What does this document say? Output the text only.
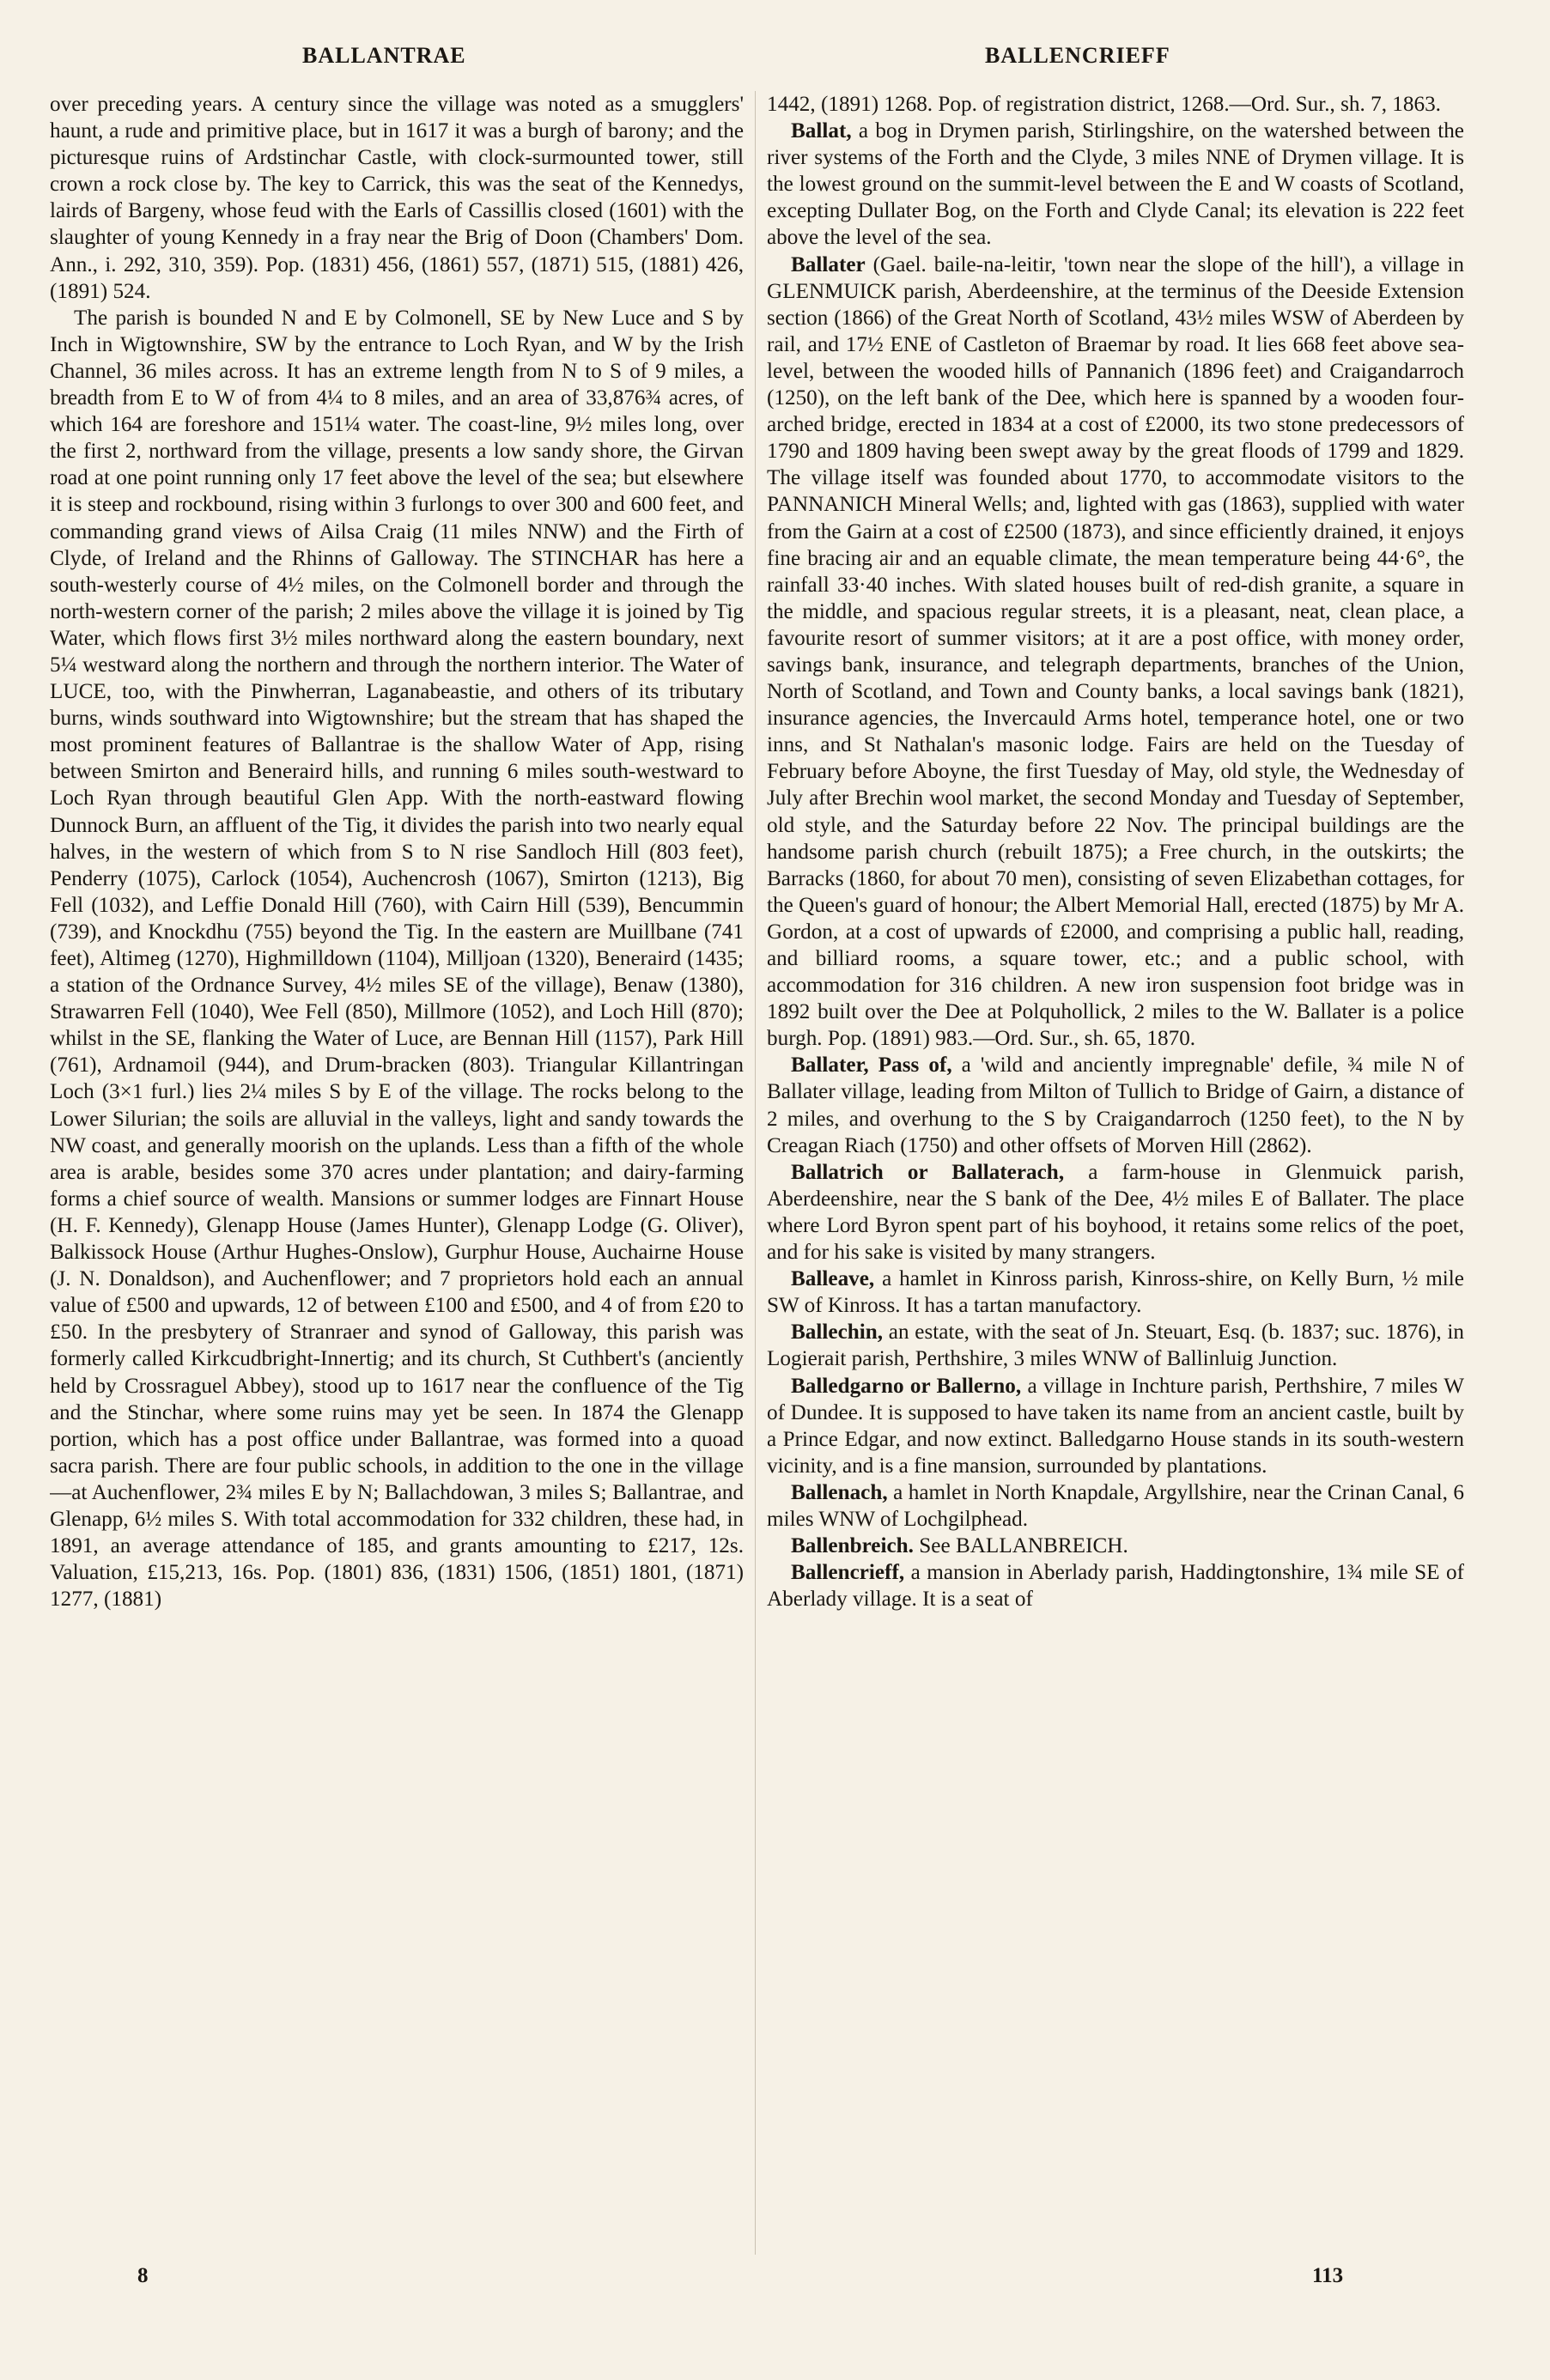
BALLANTRAE	BALLENCRIEFF

over preceding years. A century since the village was noted as a smugglers' haunt, a rude and primitive place, but in 1617 it was a burgh of barony; and the picturesque ruins of Ardstinchar Castle, with clock-surmounted tower, still crown a rock close by. The key to Carrick, this was the seat of the Kennedys, lairds of Bargeny, whose feud with the Earls of Cassillis closed (1601) with the slaughter of young Kennedy in a fray near the Brig of Doon (Chambers' Dom. Ann., i. 292, 310, 359). Pop. (1831) 456, (1861) 557, (1871) 515, (1881) 426, (1891) 524.

The parish is bounded N and E by Colmonell, SE by New Luce and S by Inch in Wigtownshire, SW by the entrance to Loch Ryan, and W by the Irish Channel, 36 miles across. It has an extreme length from N to S of 9 miles, a breadth from E to W of from 4¼ to 8 miles, and an area of 33,876¾ acres, of which 164 are foreshore and 151¼ water. The coast-line, 9½ miles long, over the first 2, northward from the village, presents a low sandy shore, the Girvan road at one point running only 17 feet above the level of the sea; but elsewhere it is steep and rockbound, rising within 3 furlongs to over 300 and 600 feet, and commanding grand views of Ailsa Craig (11 miles NNW) and the Firth of Clyde, of Ireland and the Rhinns of Galloway. The STINCHAR has here a south-westerly course of 4½ miles, on the Colmonell border and through the north-western corner of the parish; 2 miles above the village it is joined by Tig Water, which flows first 3½ miles northward along the eastern boundary, next 5¼ westward along the northern and through the northern interior. The Water of LUCE, too, with the Pinwherran, Laganabeastie, and others of its tributary burns, winds southward into Wigtownshire; but the stream that has shaped the most prominent features of Ballantrae is the shallow Water of App, rising between Smirton and Beneraird hills, and running 6 miles south-westward to Loch Ryan through beautiful Glen App. With the north-eastward flowing Dunnock Burn, an affluent of the Tig, it divides the parish into two nearly equal halves, in the western of which from S to N rise Sandloch Hill (803 feet), Penderry (1075), Carlock (1054), Auchencrosh (1067), Smirton (1213), Big Fell (1032), and Leffie Donald Hill (760), with Cairn Hill (539), Bencummin (739), and Knockdhu (755) beyond the Tig. In the eastern are Muillbane (741 feet), Altimeg (1270), Highmilldown (1104), Milljoan (1320), Beneraird (1435; a station of the Ordnance Survey, 4½ miles SE of the village), Benaw (1380), Strawarren Fell (1040), Wee Fell (850), Millmore (1052), and Loch Hill (870); whilst in the SE, flanking the Water of Luce, are Bennan Hill (1157), Park Hill (761), Ardnamoil (944), and Drum-bracken (803). Triangular Killantringan Loch (3×1 furl.) lies 2¼ miles S by E of the village. The rocks belong to the Lower Silurian; the soils are alluvial in the valleys, light and sandy towards the NW coast, and generally moorish on the uplands. Less than a fifth of the whole area is arable, besides some 370 acres under plantation; and dairy-farming forms a chief source of wealth. Mansions or summer lodges are Finnart House (H. F. Kennedy), Glenapp House (James Hunter), Glenapp Lodge (G. Oliver), Balkissock House (Arthur Hughes-Onslow), Gurphur House, Auchairne House (J. N. Donaldson), and Auchenflower; and 7 proprietors hold each an annual value of £500 and upwards, 12 of between £100 and £500, and 4 of from £20 to £50. In the presbytery of Stranraer and synod of Galloway, this parish was formerly called Kirkcudbright-Innertig; and its church, St Cuthbert's (anciently held by Crossraguel Abbey), stood up to 1617 near the confluence of the Tig and the Stinchar, where some ruins may yet be seen. In 1874 the Glenapp portion, which has a post office under Ballantrae, was formed into a quoad sacra parish. There are four public schools, in addition to the one in the village—at Auchenflower, 2¾ miles E by N; Ballachdowan, 3 miles S; Ballantrae, and Glenapp, 6½ miles S. With total accommodation for 332 children, these had, in 1891, an average attendance of 185, and grants amounting to £217, 12s. Valuation, £15,213, 16s. Pop. (1801) 836, (1831) 1506, (1851) 1801, (1871) 1277, (1881)

1442, (1891) 1268. Pop. of registration district, 1268.—Ord. Sur., sh. 7, 1863.

Ballat, a bog in Drymen parish, Stirlingshire, on the watershed between the river systems of the Forth and the Clyde, 3 miles NNE of Drymen village. It is the lowest ground on the summit-level between the E and W coasts of Scotland, excepting Dullater Bog, on the Forth and Clyde Canal; its elevation is 222 feet above the level of the sea.

Ballater (Gael. baile-na-leitir, 'town near the slope of the hill'), a village in GLENMUICK parish, Aberdeenshire, at the terminus of the Deeside Extension section (1866) of the Great North of Scotland, 43½ miles WSW of Aberdeen by rail, and 17½ ENE of Castleton of Braemar by road. It lies 668 feet above sea-level, between the wooded hills of Pannanich (1896 feet) and Craigandarroch (1250), on the left bank of the Dee, which here is spanned by a wooden four-arched bridge, erected in 1834 at a cost of £2000, its two stone predecessors of 1790 and 1809 having been swept away by the great floods of 1799 and 1829. The village itself was founded about 1770, to accommodate visitors to the PANNANICH Mineral Wells; and, lighted with gas (1863), supplied with water from the Gairn at a cost of £2500 (1873), and since efficiently drained, it enjoys fine bracing air and an equable climate, the mean temperature being 44·6°, the rainfall 33·40 inches. With slated houses built of red-dish granite, a square in the middle, and spacious regular streets, it is a pleasant, neat, clean place, a favourite resort of summer visitors; at it are a post office, with money order, savings bank, insurance, and telegraph departments, branches of the Union, North of Scotland, and Town and County banks, a local savings bank (1821), insurance agencies, the Invercauld Arms hotel, temperance hotel, one or two inns, and St Nathalan's masonic lodge. Fairs are held on the Tuesday of February before Aboyne, the first Tuesday of May, old style, the Wednesday of July after Brechin wool market, the second Monday and Tuesday of September, old style, and the Saturday before 22 Nov. The principal buildings are the handsome parish church (rebuilt 1875); a Free church, in the outskirts; the Barracks (1860, for about 70 men), consisting of seven Elizabethan cottages, for the Queen's guard of honour; the Albert Memorial Hall, erected (1875) by Mr A. Gordon, at a cost of upwards of £2000, and comprising a public hall, reading, and billiard rooms, a square tower, etc.; and a public school, with accommodation for 316 children. A new iron suspension foot bridge was in 1892 built over the Dee at Polquhollick, 2 miles to the W. Ballater is a police burgh. Pop. (1891) 983.—Ord. Sur., sh. 65, 1870.

Ballater, Pass of, a 'wild and anciently impregnable' defile, ¾ mile N of Ballater village, leading from Milton of Tullich to Bridge of Gairn, a distance of 2 miles, and overhung to the S by Craigandarroch (1250 feet), to the N by Creagan Riach (1750) and other offsets of Morven Hill (2862).

Ballatrich or Ballaterach, a farm-house in Glenmuick parish, Aberdeenshire, near the S bank of the Dee, 4½ miles E of Ballater. The place where Lord Byron spent part of his boyhood, it retains some relics of the poet, and for his sake is visited by many strangers.

Balleave, a hamlet in Kinross parish, Kinross-shire, on Kelly Burn, ½ mile SW of Kinross. It has a tartan manufactory.

Ballechin, an estate, with the seat of Jn. Steuart, Esq. (b. 1837; suc. 1876), in Logierait parish, Perthshire, 3 miles WNW of Ballinluig Junction.

Balledgarno or Ballerno, a village in Inchture parish, Perthshire, 7 miles W of Dundee. It is supposed to have taken its name from an ancient castle, built by a Prince Edgar, and now extinct. Balledgarno House stands in its south-western vicinity, and is a fine mansion, surrounded by plantations.

Ballenach, a hamlet in North Knapdale, Argyllshire, near the Crinan Canal, 6 miles WNW of Lochgilphead.

Ballenbreich. See BALLANBREICH.

Ballencrieff, a mansion in Aberlady parish, Haddingtonshire, 1¾ mile SE of Aberlady village. It is a seat of

8	113
